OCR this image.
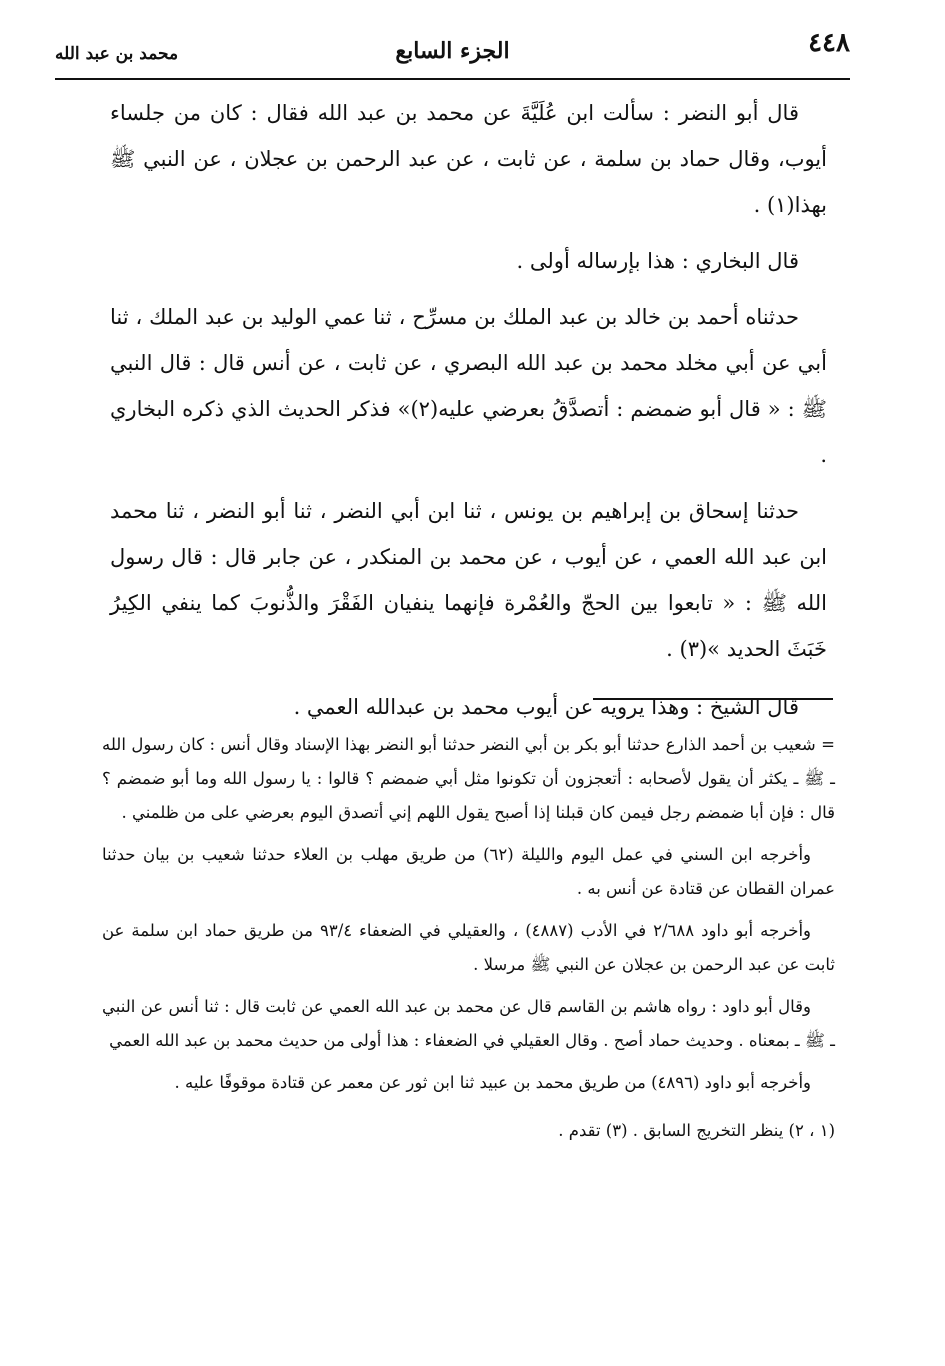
٤٤٨
الجزء السابع
محمد بن عبد الله

قال أبو النضر : سألت ابن عُلَيَّةَ عن محمد بن عبد الله فقال : كان من جلساء أيوب، وقال حماد بن سلمة ، عن ثابت ، عن عبد الرحمن بن عجلان ، عن النبي ﷺ بهذا(١) .

قال البخاري : هذا بإرساله أولى .

حدثناه أحمد بن خالد بن عبد الملك بن مسرِّح ، ثنا عمي الوليد بن عبد الملك ، ثنا أبي عن أبي مخلد محمد بن عبد الله البصري ، عن ثابت ، عن أنس قال : قال النبي ﷺ : « قال أبو ضمضم : أتصدَّقُ بعرضي عليه(٢)» فذكر الحديث الذي ذكره البخاري .

حدثنا إسحاق بن إبراهيم بن يونس ، ثنا ابن أبي النضر ، ثنا أبو النضر ، ثنا محمد ابن عبد الله العمي ، عن أيوب ، عن محمد بن المنكدر ، عن جابر قال : قال رسول الله ﷺ : « تابعوا بين الحجّ والعُمْرة فإنهما ينفيان الفَقْرَ والذُّنوبَ كما ينفي الكِيرُ خَبَثَ الحديد »(٣) .

قال الشيخ : وهذا يرويه عن أيوب محمد بن عبدالله العمي .

= شعيب بن أحمد الذارع حدثنا أبو بكر بن أبي النضر حدثنا أبو النضر بهذا الإسناد وقال أنس : كان رسول الله ـ ﷺ ـ يكثر أن يقول لأصحابه : أتعجزون أن تكونوا مثل أبي ضمضم ؟ قالوا : يا رسول الله وما أبو ضمضم ؟ قال : فإن أبا ضمضم رجل فيمن كان قبلنا إذا أصبح يقول اللهم إني أتصدق اليوم بعرضي على من ظلمني .

وأخرجه ابن السني في عمل اليوم والليلة (٦٢) من طريق مهلب بن العلاء حدثنا شعيب بن بيان حدثنا عمران القطان عن قتادة عن أنس به .

وأخرجه أبو داود ٢/٦٨٨ في الأدب (٤٨٨٧) ، والعقيلي في الضعفاء ٩٣/٤ من طريق حماد ابن سلمة عن ثابت عن عبد الرحمن بن عجلان عن النبي ﷺ مرسلا .

وقال أبو داود : رواه هاشم بن القاسم قال عن محمد بن عبد الله العمي عن ثابت قال : ثنا أنس عن النبي ـ ﷺ ـ بمعناه . وحديث حماد أصح . وقال العقيلي في الضعفاء : هذا أولى من حديث محمد بن عبد الله العمي

وأخرجه أبو داود (٤٨٩٦) من طريق محمد بن عبيد ثنا ابن ثور عن معمر عن قتادة موقوفًا عليه .

(١ ، ٢) ينظر التخريج السابق . (٣) تقدم .
